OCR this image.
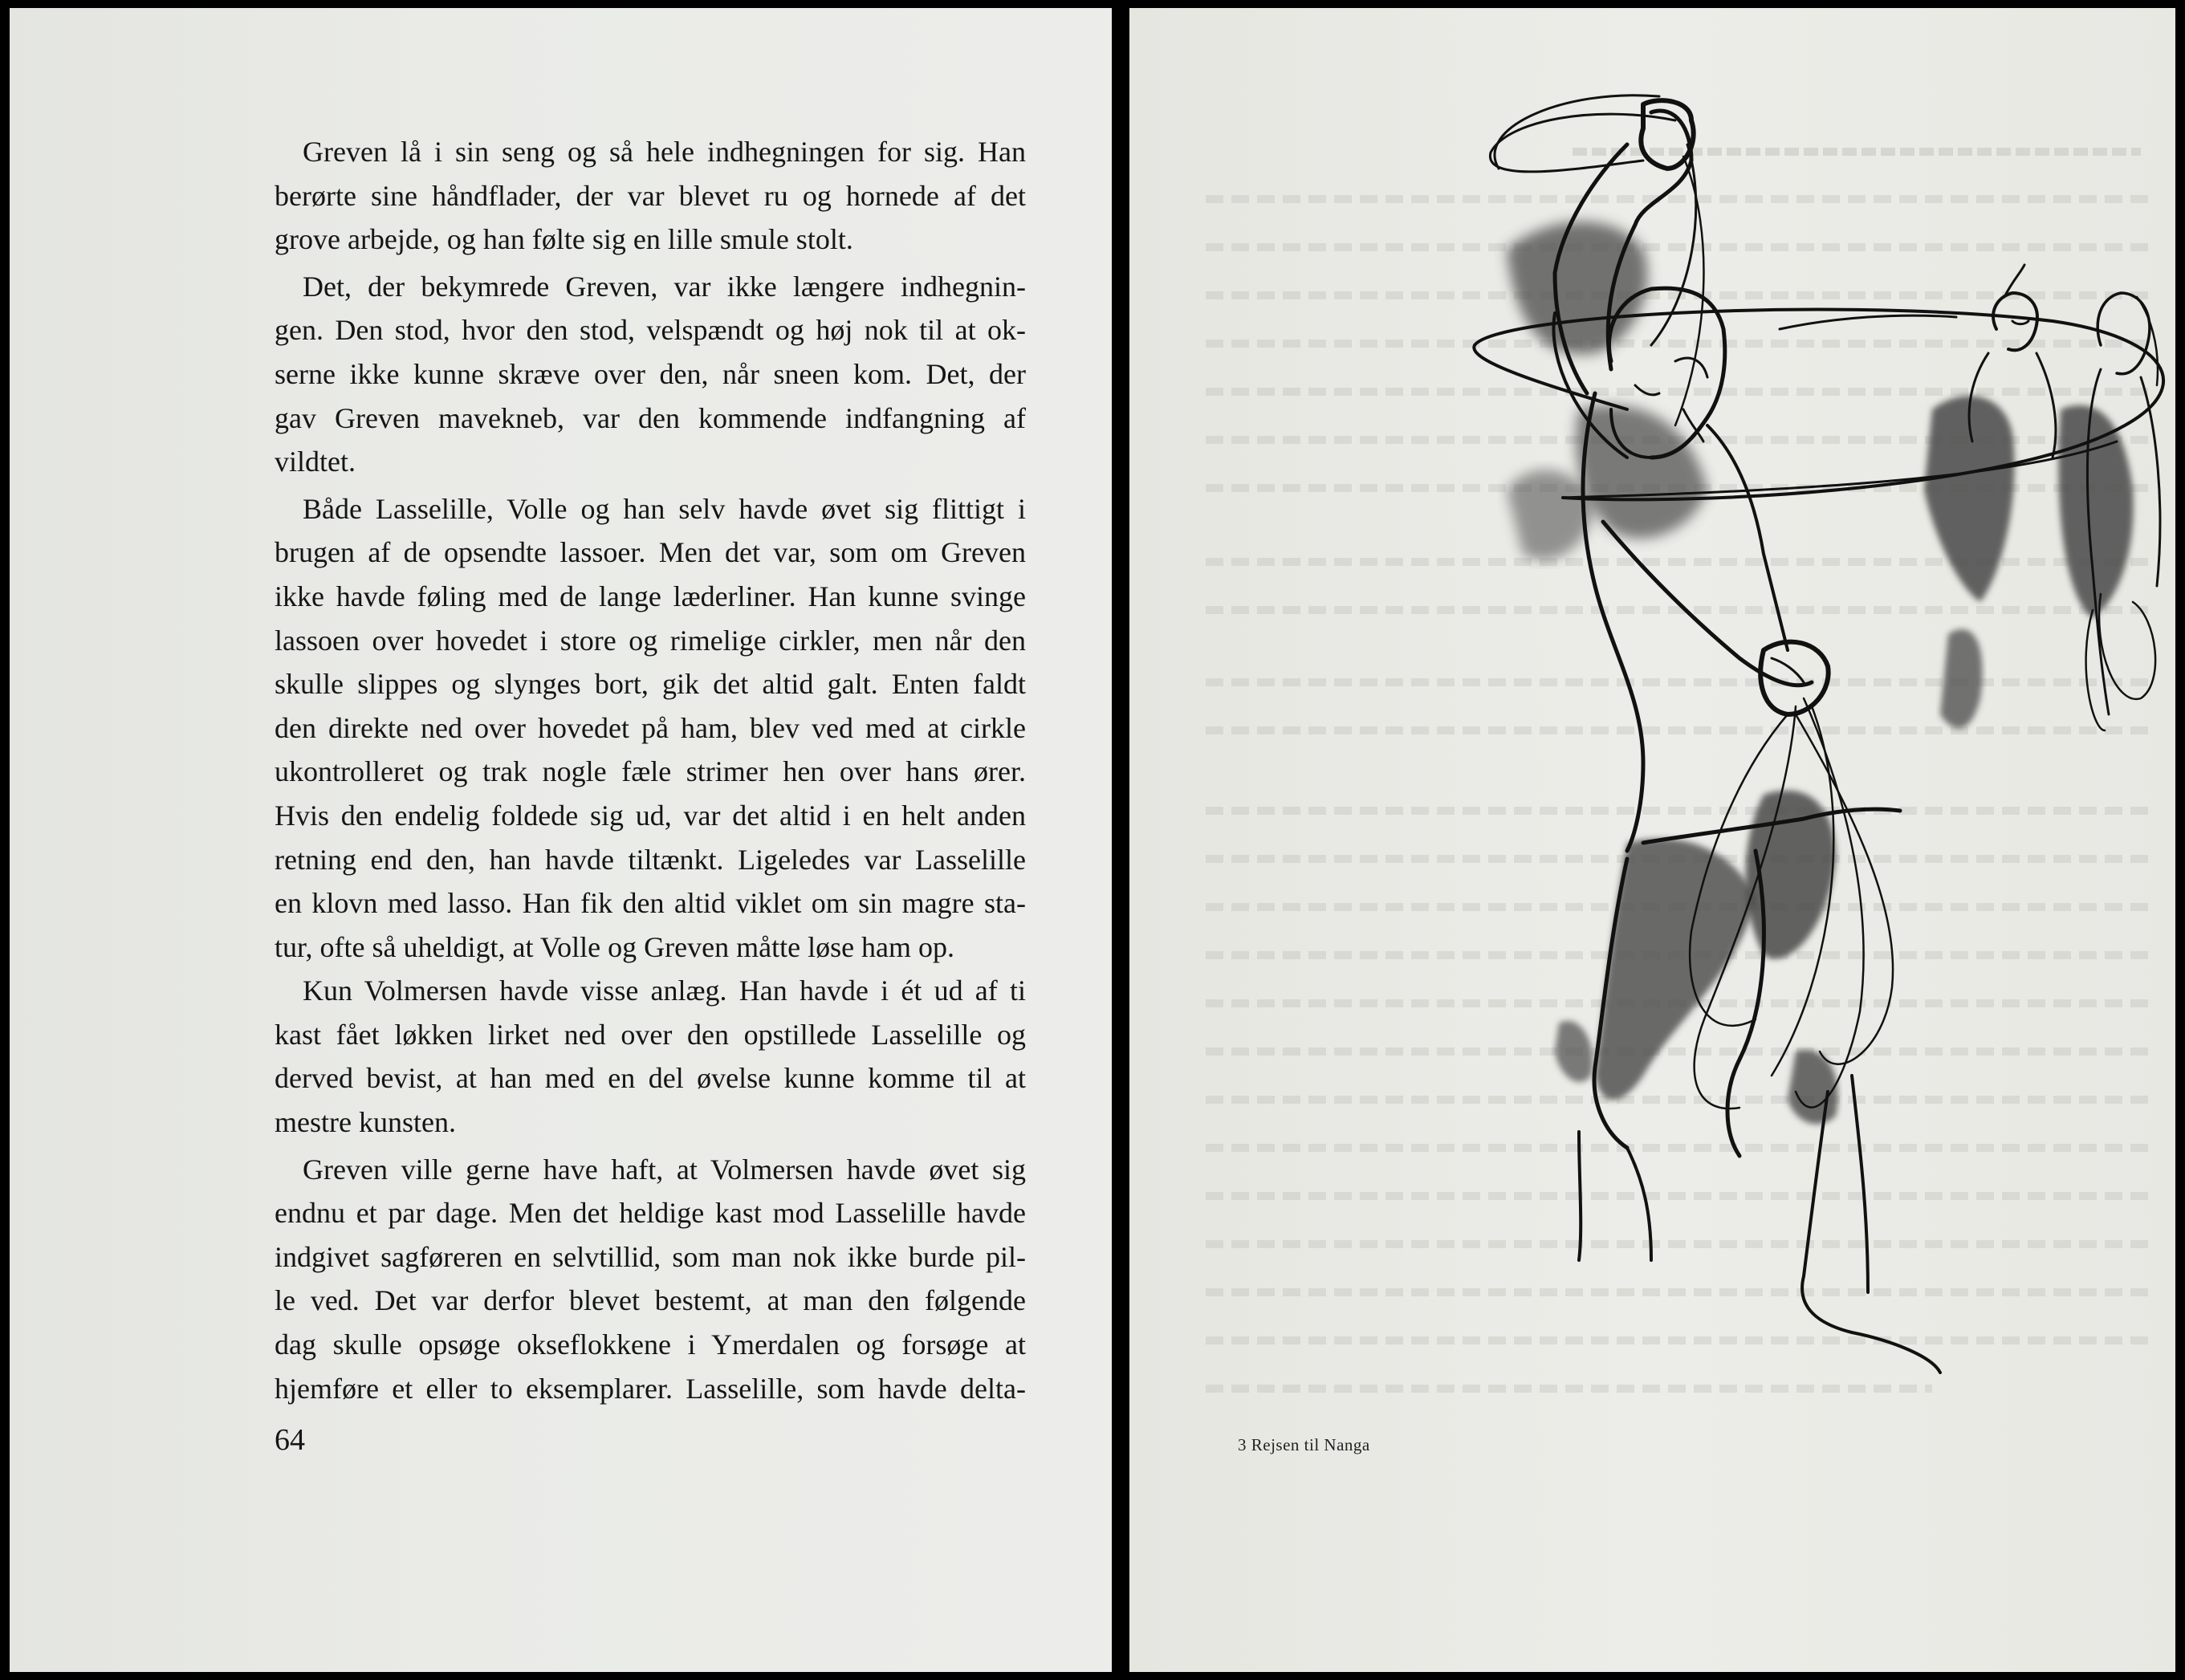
Greven lå i sin seng og så hele indhegningen for sig. Han
berørte sine håndflader, der var blevet ru og hornede af det
grove arbejde, og han følte sig en lille smule stolt.
Det, der bekymrede Greven, var ikke længere indhegnin-
gen. Den stod, hvor den stod, velspændt og høj nok til at ok-
serne ikke kunne skræve over den, når sneen kom. Det, der
gav Greven mavekneb, var den kommende indfangning af
vildtet.
Både Lasselille, Volle og han selv havde øvet sig flittigt i
brugen af de opsendte lassoer. Men det var, som om Greven
ikke havde føling med de lange læderliner. Han kunne svinge
lassoen over hovedet i store og rimelige cirkler, men når den
skulle slippes og slynges bort, gik det altid galt. Enten faldt
den direkte ned over hovedet på ham, blev ved med at cirkle
ukontrolleret og trak nogle fæle strimer hen over hans ører.
Hvis den endelig foldede sig ud, var det altid i en helt anden
retning end den, han havde tiltænkt. Ligeledes var Lasselille
en klovn med lasso. Han fik den altid viklet om sin magre sta-
tur, ofte så uheldigt, at Volle og Greven måtte løse ham op.
Kun Volmersen havde visse anlæg. Han havde i ét ud af ti
kast fået løkken lirket ned over den opstillede Lasselille og
derved bevist, at han med en del øvelse kunne komme til at
mestre kunsten.
Greven ville gerne have haft, at Volmersen havde øvet sig
endnu et par dage. Men det heldige kast mod Lasselille havde
indgivet sagføreren en selvtillid, som man nok ikke burde pil-
le ved. Det var derfor blevet bestemt, at man den følgende
dag skulle opsøge okseflokkene i Ymerdalen og forsøge at
hjemføre et eller to eksemplarer. Lasselille, som havde delta-
64	3 Rejsen til Nanga
